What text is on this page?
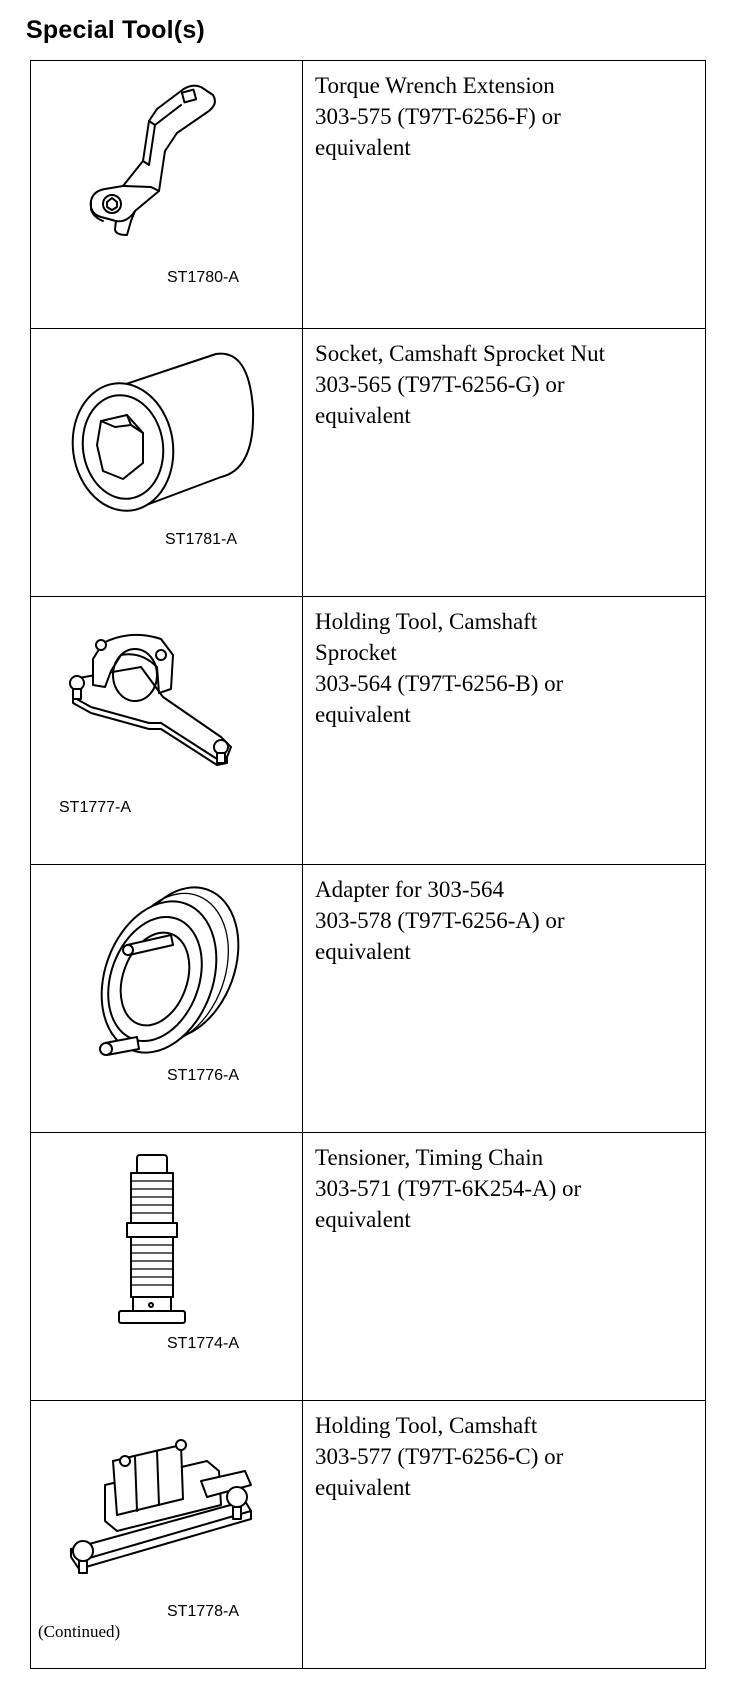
Special Tool(s)
ST1780-A	Torque Wrench Extension
303-575 (T97T-6256-F) or
equivalent

ST1781-A	Socket, Camshaft Sprocket Nut
303-565 (T97T-6256-G) or
equivalent

ST1777-A	Holding Tool, Camshaft
Sprocket
303-564 (T97T-6256-B) or
equivalent

ST1776-A	Adapter for 303-564
303-578 (T97T-6256-A) or
equivalent

ST1774-A	Tensioner, Timing Chain
303-571 (T97T-6K254-A) or
equivalent

ST1778-A	Holding Tool, Camshaft
303-577 (T97T-6256-C) or
equivalent
(Continued)
